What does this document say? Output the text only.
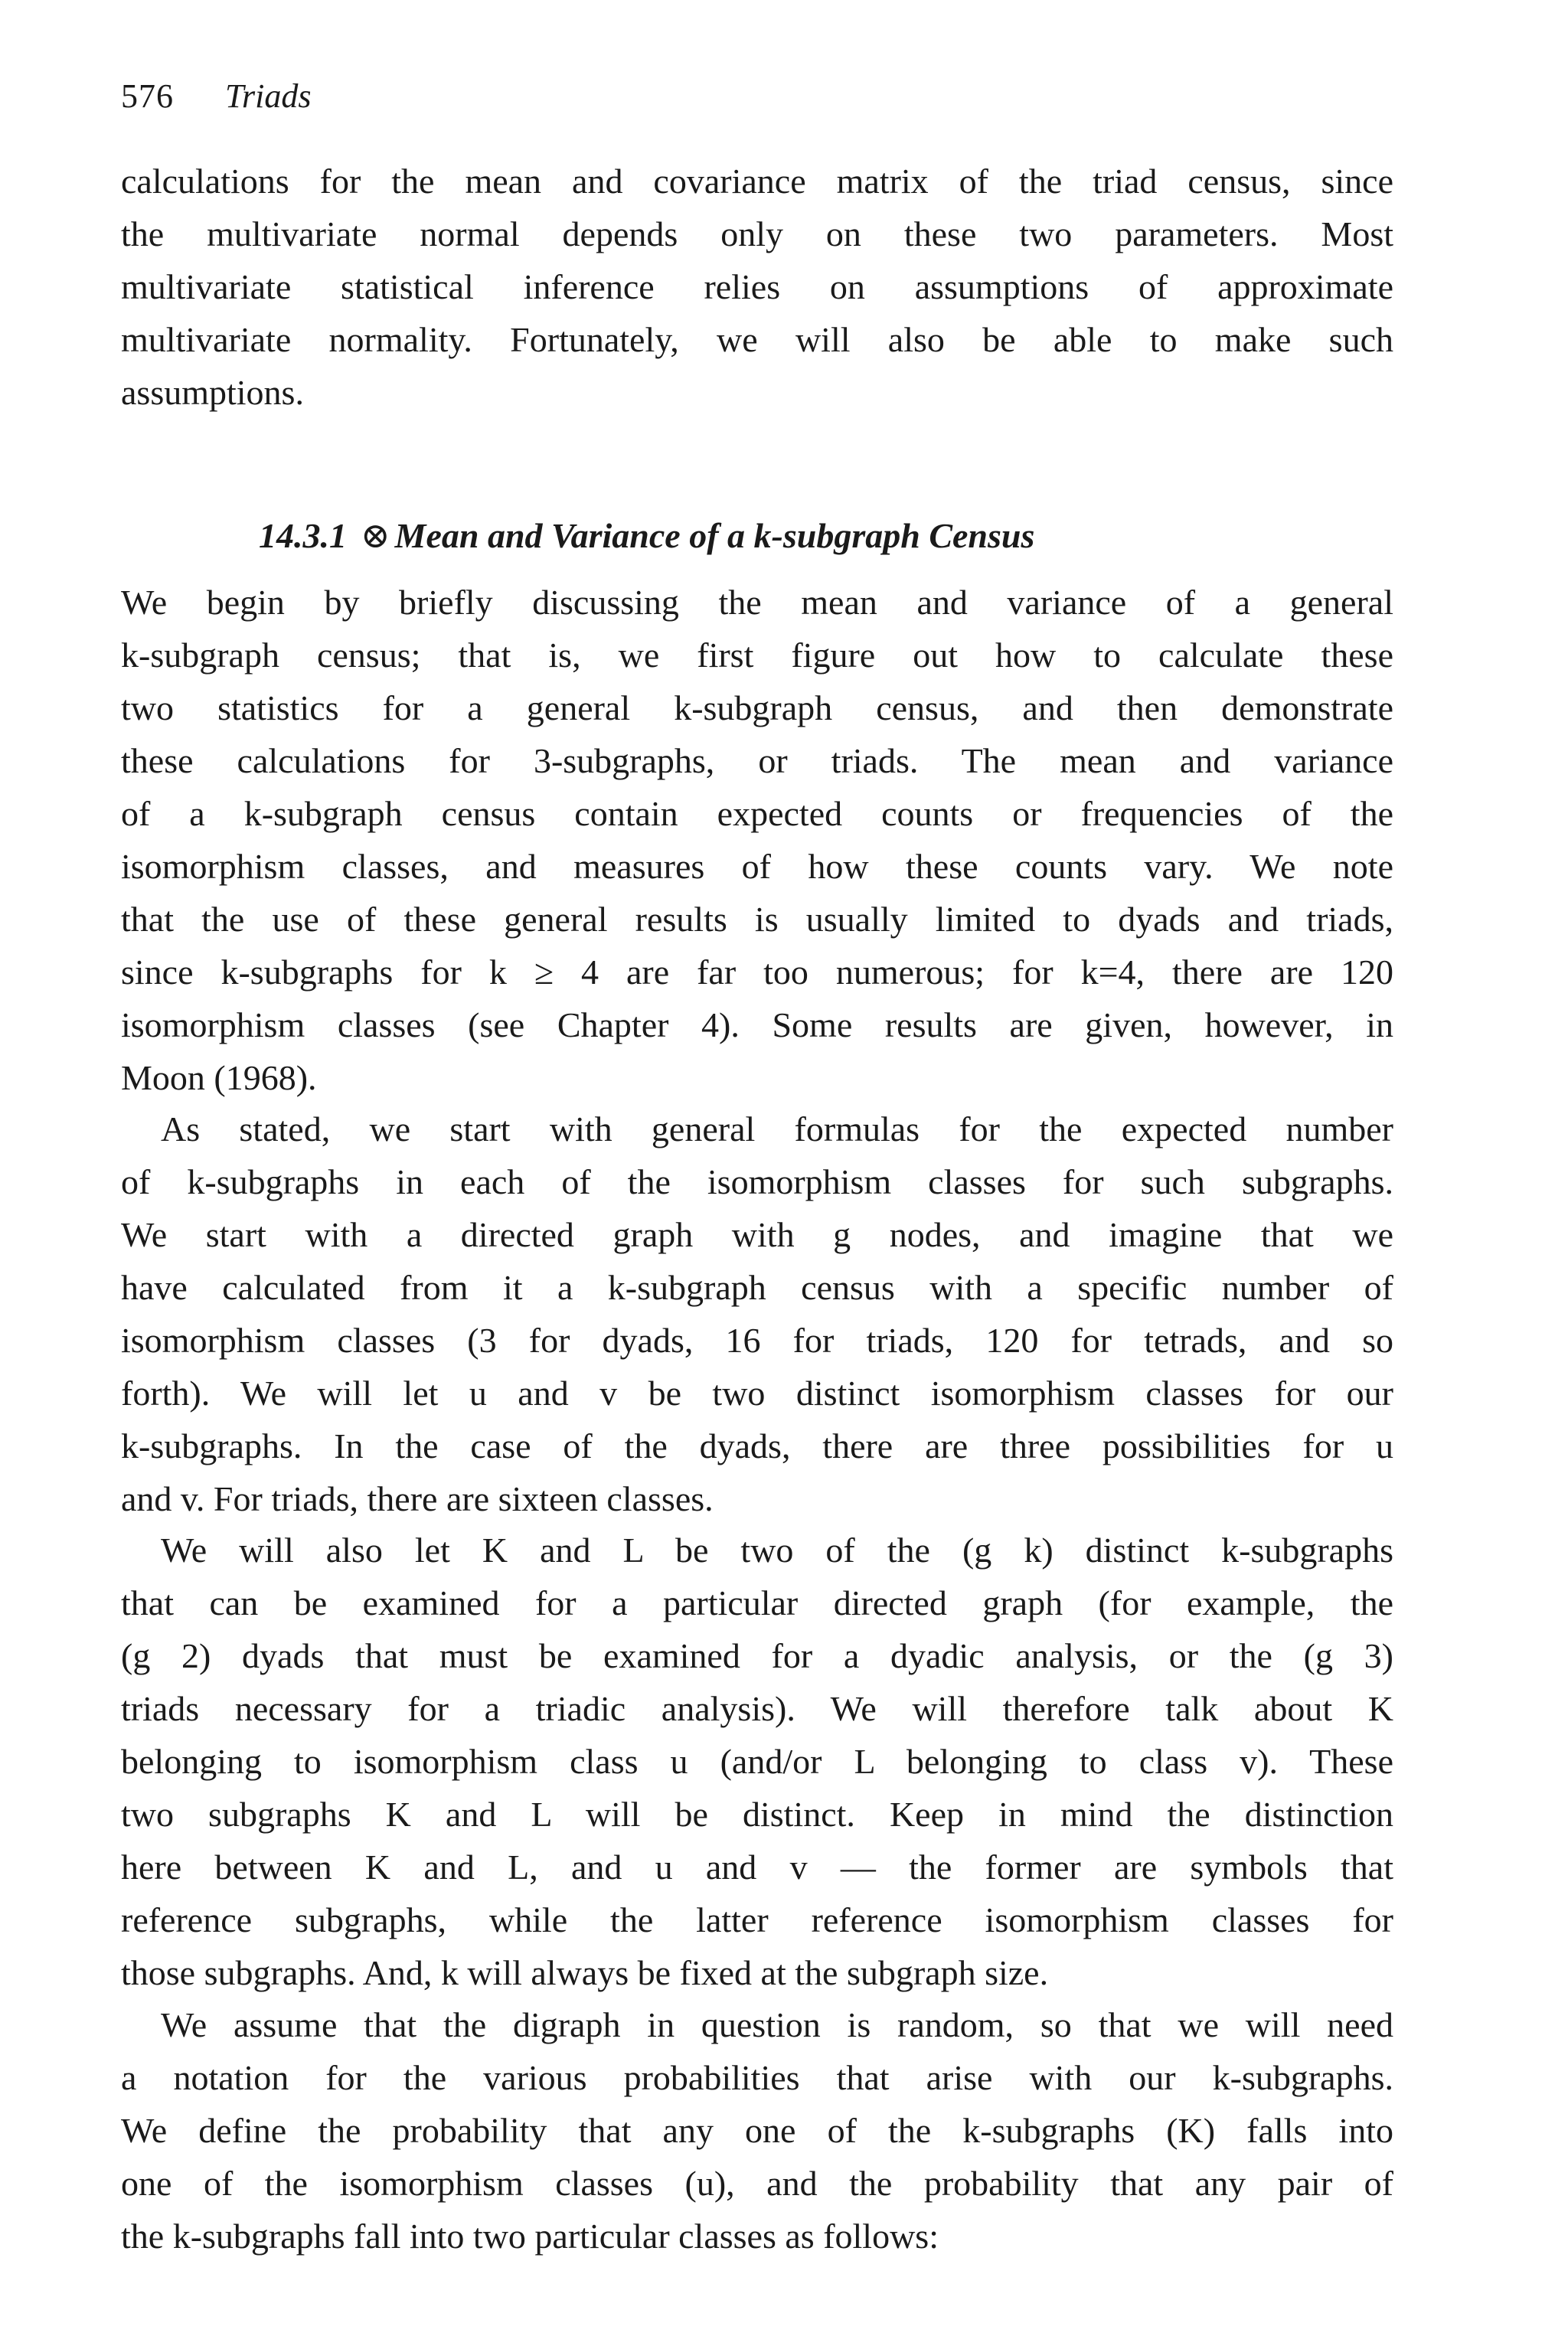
576 Triads

calculations for the mean and covariance matrix of the triad census, since
the multivariate normal depends only on these two parameters. Most
multivariate statistical inference relies on assumptions of approximate
multivariate normality. Fortunately, we will also be able to make such
assumptions.

14.3.1 ⊗ Mean and Variance of a k-subgraph Census

We begin by briefly discussing the mean and variance of a general
k-subgraph census; that is, we first figure out how to calculate these
two statistics for a general k-subgraph census, and then demonstrate
these calculations for 3-subgraphs, or triads. The mean and variance
of a k-subgraph census contain expected counts or frequencies of the
isomorphism classes, and measures of how these counts vary. We note
that the use of these general results is usually limited to dyads and triads,
since k-subgraphs for k ≥ 4 are far too numerous; for k=4, there are 120
isomorphism classes (see Chapter 4). Some results are given, however, in
Moon (1968).

As stated, we start with general formulas for the expected number
of k-subgraphs in each of the isomorphism classes for such subgraphs.
We start with a directed graph with g nodes, and imagine that we
have calculated from it a k-subgraph census with a specific number of
isomorphism classes (3 for dyads, 16 for triads, 120 for tetrads, and so
forth). We will let u and v be two distinct isomorphism classes for our
k-subgraphs. In the case of the dyads, there are three possibilities for u
and v. For triads, there are sixteen classes.

We will also let K and L be two of the (g k) distinct k-subgraphs
that can be examined for a particular directed graph (for example, the
(g 2) dyads that must be examined for a dyadic analysis, or the (g 3)
triads necessary for a triadic analysis). We will therefore talk about K
belonging to isomorphism class u (and/or L belonging to class v). These
two subgraphs K and L will be distinct. Keep in mind the distinction
here between K and L, and u and v — the former are symbols that
reference subgraphs, while the latter reference isomorphism classes for
those subgraphs. And, k will always be fixed at the subgraph size.

We assume that the digraph in question is random, so that we will need
a notation for the various probabilities that arise with our k-subgraphs.
We define the probability that any one of the k-subgraphs (K) falls into
one of the isomorphism classes (u), and the probability that any pair of
the k-subgraphs fall into two particular classes as follows:
